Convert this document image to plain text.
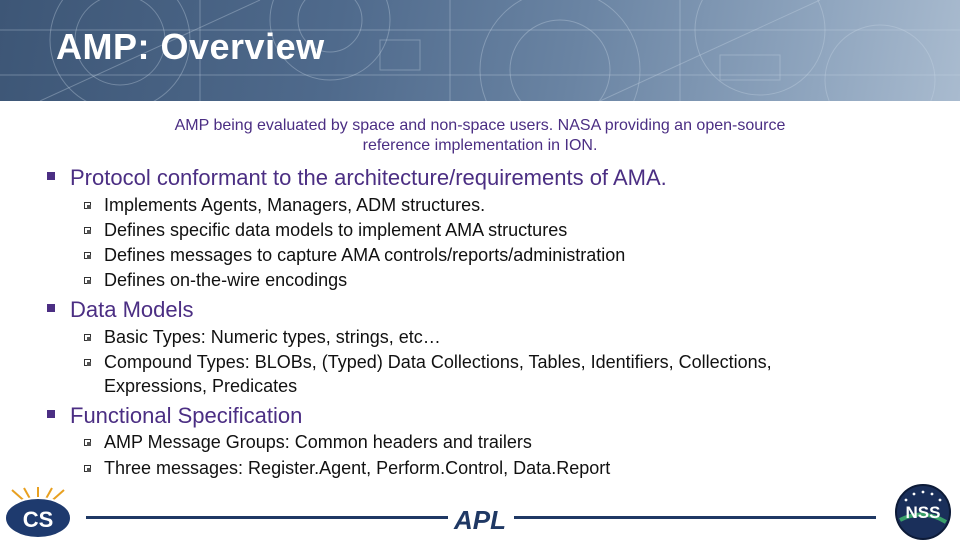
AMP: Overview
AMP being evaluated by space and non-space users. NASA providing an open-source reference implementation in ION.
Protocol conformant to the architecture/requirements of AMA.
Implements Agents, Managers, ADM structures.
Defines specific data models to implement AMA structures
Defines messages to capture AMA controls/reports/administration
Defines on-the-wire encodings
Data Models
Basic Types: Numeric types, strings, etc…
Compound Types: BLOBs, (Typed) Data Collections, Tables, Identifiers, Collections, Expressions, Predicates
Functional Specification
AMP Message Groups: Common headers and trailers
Three messages: Register.Agent, Perform.Control, Data.Report
CS	APL	NSS
